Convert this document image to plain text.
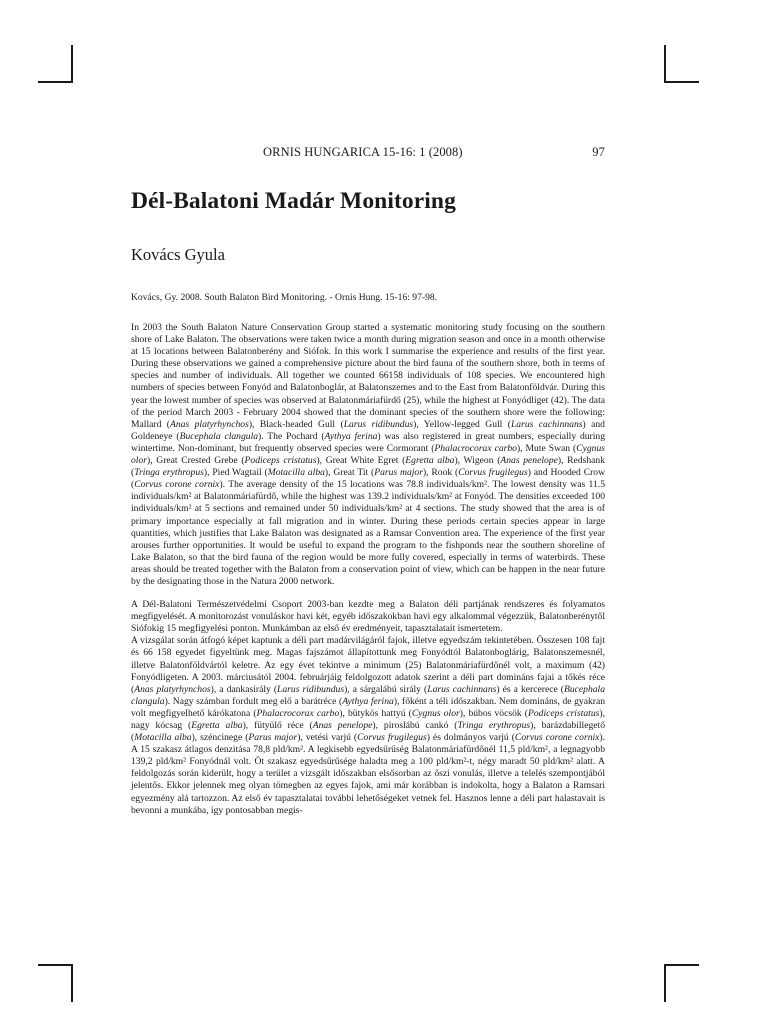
ORNIS HUNGARICA 15-16: 1 (2008)	97
Dél-Balatoni Madár Monitoring
Kovács Gyula

Kovács, Gy. 2008. South Balaton Bird Monitoring. - Ornis Hung. 15-16: 97-98.

In 2003 the South Balaton Nature Conservation Group started a systematic monitoring study focusing on the southern shore of Lake Balaton. The observations were taken twice a month during migration season and once in a month otherwise at 15 locations between Balatonberény and Siófok. In this work I summarise the experience and results of the first year. During these observations we gained a comprehensive picture about the bird fauna of the southern shore, both in terms of species and number of individuals. All together we counted 66158 individuals of 108 species. We encountered high numbers of species between Fonyód and Balatonboglár, at Balatonszemes and to the East from Balatonföldvár. During this year the lowest number of species was observed at Balatonmáriafürdő (25), while the highest at Fonyódliget (42). The data of the period March 2003 - February 2004 showed that the dominant species of the southern shore were the following: Mallard (Anas platyrhynchos), Black-headed Gull (Larus ridibundus), Yellow-legged Gull (Larus cachinnans) and Goldeneye (Bucephala clangula). The Pochard (Aythya ferina) was also registered in great numbers, especially during wintertime. Non-dominant, but frequently observed species were Cormorant (Phalacrocorax carbo), Mute Swan (Cygnus olor), Great Crested Grebe (Podiceps cristatus), Great White Egret (Egretta alba), Wigeon (Anas penelope), Redshank (Tringa erythropus), Pied Wagtail (Motacilla alba), Great Tit (Parus major), Rook (Corvus frugilegus) and Hooded Crow (Corvus corone cornix). The average density of the 15 locations was 78.8 individuals/km². The lowest density was 11.5 individuals/km² at Balatonmáriafürdő, while the highest was 139.2 individuals/km² at Fonyód. The densities exceeded 100 individuals/km² at 5 sections and remained under 50 individuals/km² at 4 sections. The study showed that the area is of primary importance especially at fall migration and in winter. During these periods certain species appear in large quantities, which justifies that Lake Balaton was designated as a Ramsar Convention area. The experience of the first year arouses further opportunities. It would be useful to expand the program to the fishponds near the southern shoreline of Lake Balaton, so that the bird fauna of the region would be more fully covered, especially in terms of waterbirds. These areas should be treated together with the Balaton from a conservation point of view, which can be happen in the near future by the designating those in the Natura 2000 network.

A Dél-Balatoni Természetvédelmi Csoport 2003-ban kezdte meg a Balaton déli partjának rendszeres és folyamatos megfigyelését. A monitorozást vonuláskor havi két, egyéb időszakokban havi egy alkalommal végezzük, Balatonberénytől Siófokig 15 megfigyelési ponton. Munkámban az első év eredményeit, tapasztalatait ismertetem.
A vizsgálat során átfogó képet kaptunk a déli part madárvilágáról fajok, illetve egyedszám tekintetében. Összesen 108 fajt és 66 158 egyedet figyeltünk meg. Magas fajszámot állapítottunk meg Fonyódtól Balatonboglárig, Balatonszemesnél, illetve Balatonföldvártól keletre. Az egy évet tekintve a minimum (25) Balatonmáriafürdőnél volt, a maximum (42) Fonyódligeten. A 2003. márciusától 2004. februárjáig feldolgozott adatok szerint a déli part domináns fajai a tőkés réce (Anas platyrhynchos), a dankasirály (Larus ridibundus), a sárgalábú sirály (Larus cachinnans) és a kercerece (Bucephala clangula). Nagy számban fordult meg elő a barátréce (Aythya ferina), főként a téli időszakban. Nem domináns, de gyakran volt megfigyelhető kárókatona (Phalacrocorax carbo), bütykös hattyú (Cygnus olor), búbos vöcsök (Podiceps cristatus), nagy kócsag (Egretta alba), fütyülő réce (Anas penelope), piroslábú cankó (Tringa erythropus), barázdabillegető (Motacilla alba), széncinege (Parus major), vetési varjú (Corvus frugilegus) és dolmányos varjú (Corvus corone cornix). A 15 szakasz átlagos denzitása 78,8 pld/km². A legkisebb egyedsűrűség Balatonmáriafürdőnél 11,5 pld/km², a legnagyobb 139,2 pld/km² Fonyódnál volt. Öt szakasz egyedsűrűsége haladta meg a 100 pld/km²-t, négy maradt 50 pld/km² alatt. A feldolgozás során kiderült, hogy a terület a vizsgált időszakban elsősorban az őszi vonulás, illetve a telelés szempontjából jelentős. Ekkor jelennek meg olyan tömegben az egyes fajok, ami már korábban is indokolta, hogy a Balaton a Ramsari egyezmény alá tartozzon. Az első év tapasztalatai további lehetőségeket vetnek fel. Hasznos lenne a déli part halastavait is bevonni a munkába, így pontosabban megis-
